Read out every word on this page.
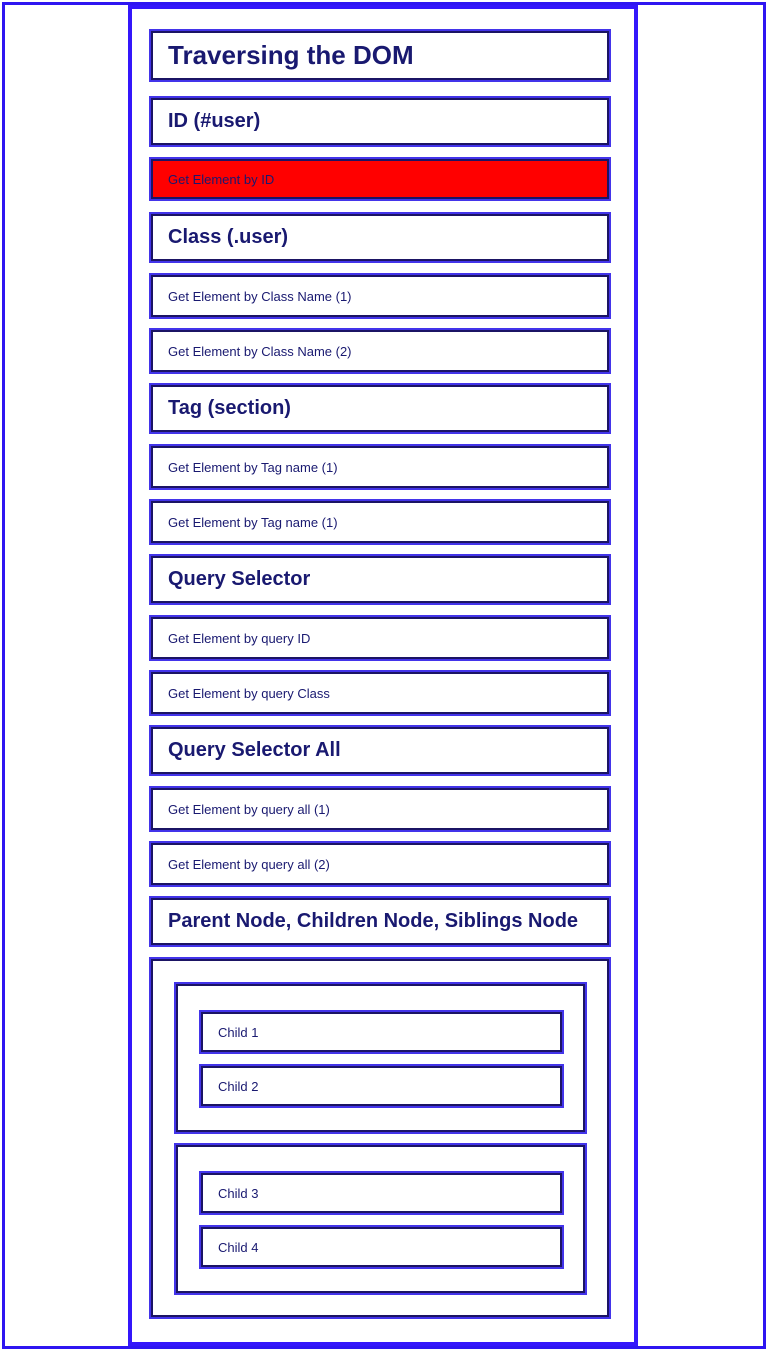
Traversing the DOM
ID (#user)
Get Element by ID
Class (.user)
Get Element by Class Name (1)
Get Element by Class Name (2)
Tag (section)
Get Element by Tag name (1)
Get Element by Tag name (1)
Query Selector
Get Element by query ID
Get Element by query Class
Query Selector All
Get Element by query all (1)
Get Element by query all (2)
Parent Node, Children Node, Siblings Node
Child 1
Child 2
Child 3
Child 4
